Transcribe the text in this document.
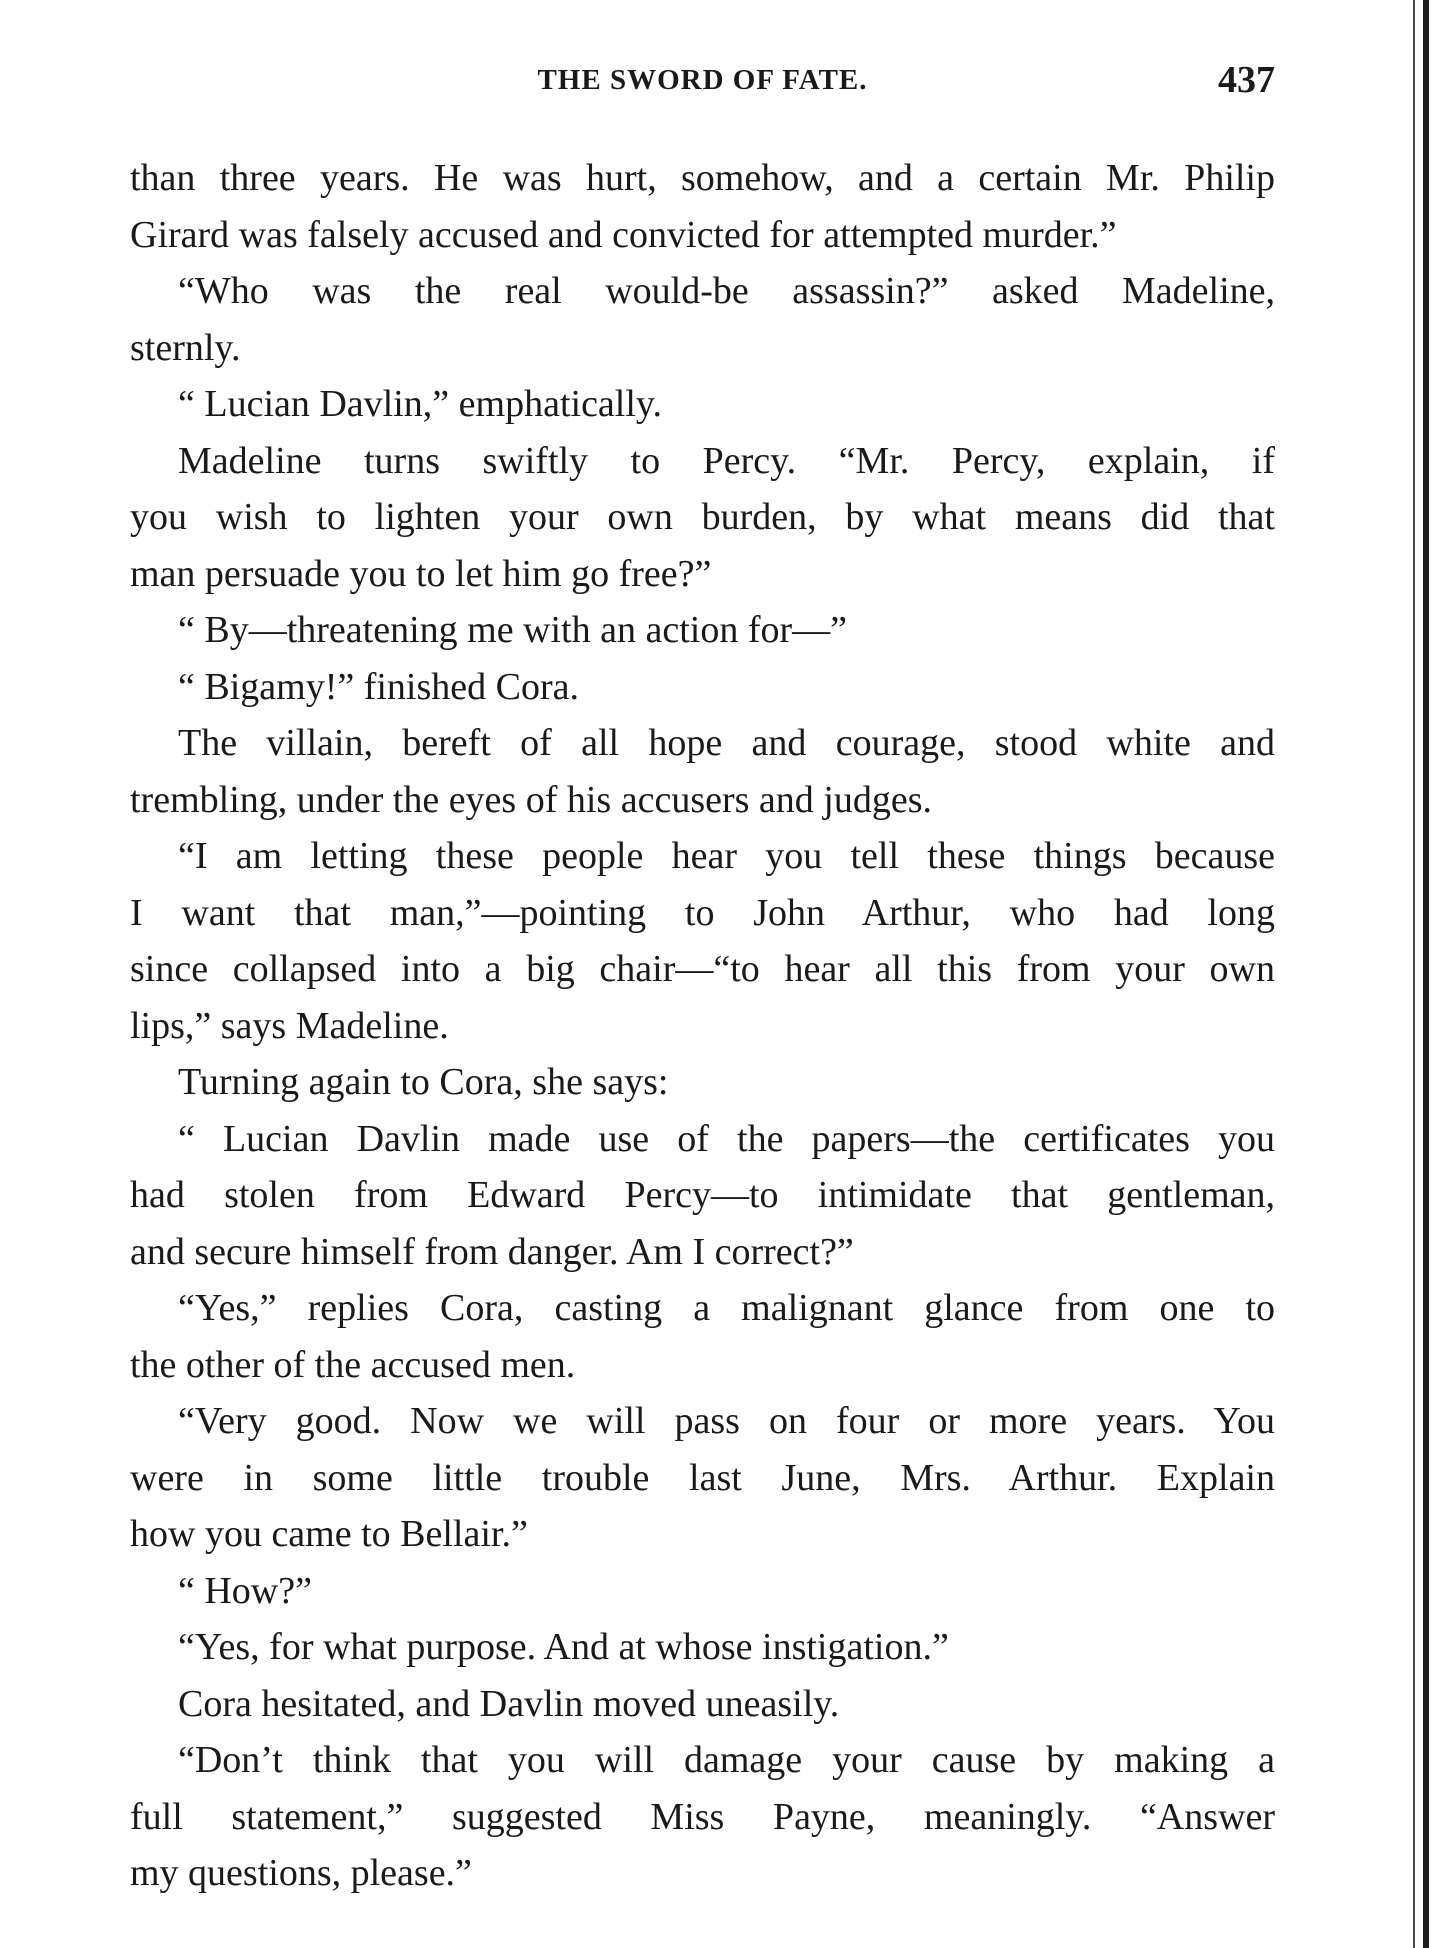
THE SWORD OF FATE.	437
than three years. He was hurt, somehow, and a certain Mr. Philip
Girard was falsely accused and convicted for attempted murder.”
“Who was the real would-be assassin?” asked Madeline,
sternly.
“ Lucian Davlin,” emphatically.
Madeline turns swiftly to Percy. “Mr. Percy, explain, if
you wish to lighten your own burden, by what means did that
man persuade you to let him go free?”
“ By—threatening me with an action for—”
“ Bigamy!” finished Cora.
The villain, bereft of all hope and courage, stood white and
trembling, under the eyes of his accusers and judges.
“I am letting these people hear you tell these things because
I want that man,”—pointing to John Arthur, who had long
since collapsed into a big chair—“to hear all this from your own
lips,” says Madeline.
Turning again to Cora, she says:
“ Lucian Davlin made use of the papers—the certificates you
had stolen from Edward Percy—to intimidate that gentleman,
and secure himself from danger. Am I correct?”
“Yes,” replies Cora, casting a malignant glance from one to
the other of the accused men.
“Very good. Now we will pass on four or more years. You
were in some little trouble last June, Mrs. Arthur. Explain
how you came to Bellair.”
“ How?”
“Yes, for what purpose. And at whose instigation.”
Cora hesitated, and Davlin moved uneasily.
“Don’t think that you will damage your cause by making a
full statement,” suggested Miss Payne, meaningly. “Answer
my questions, please.”
